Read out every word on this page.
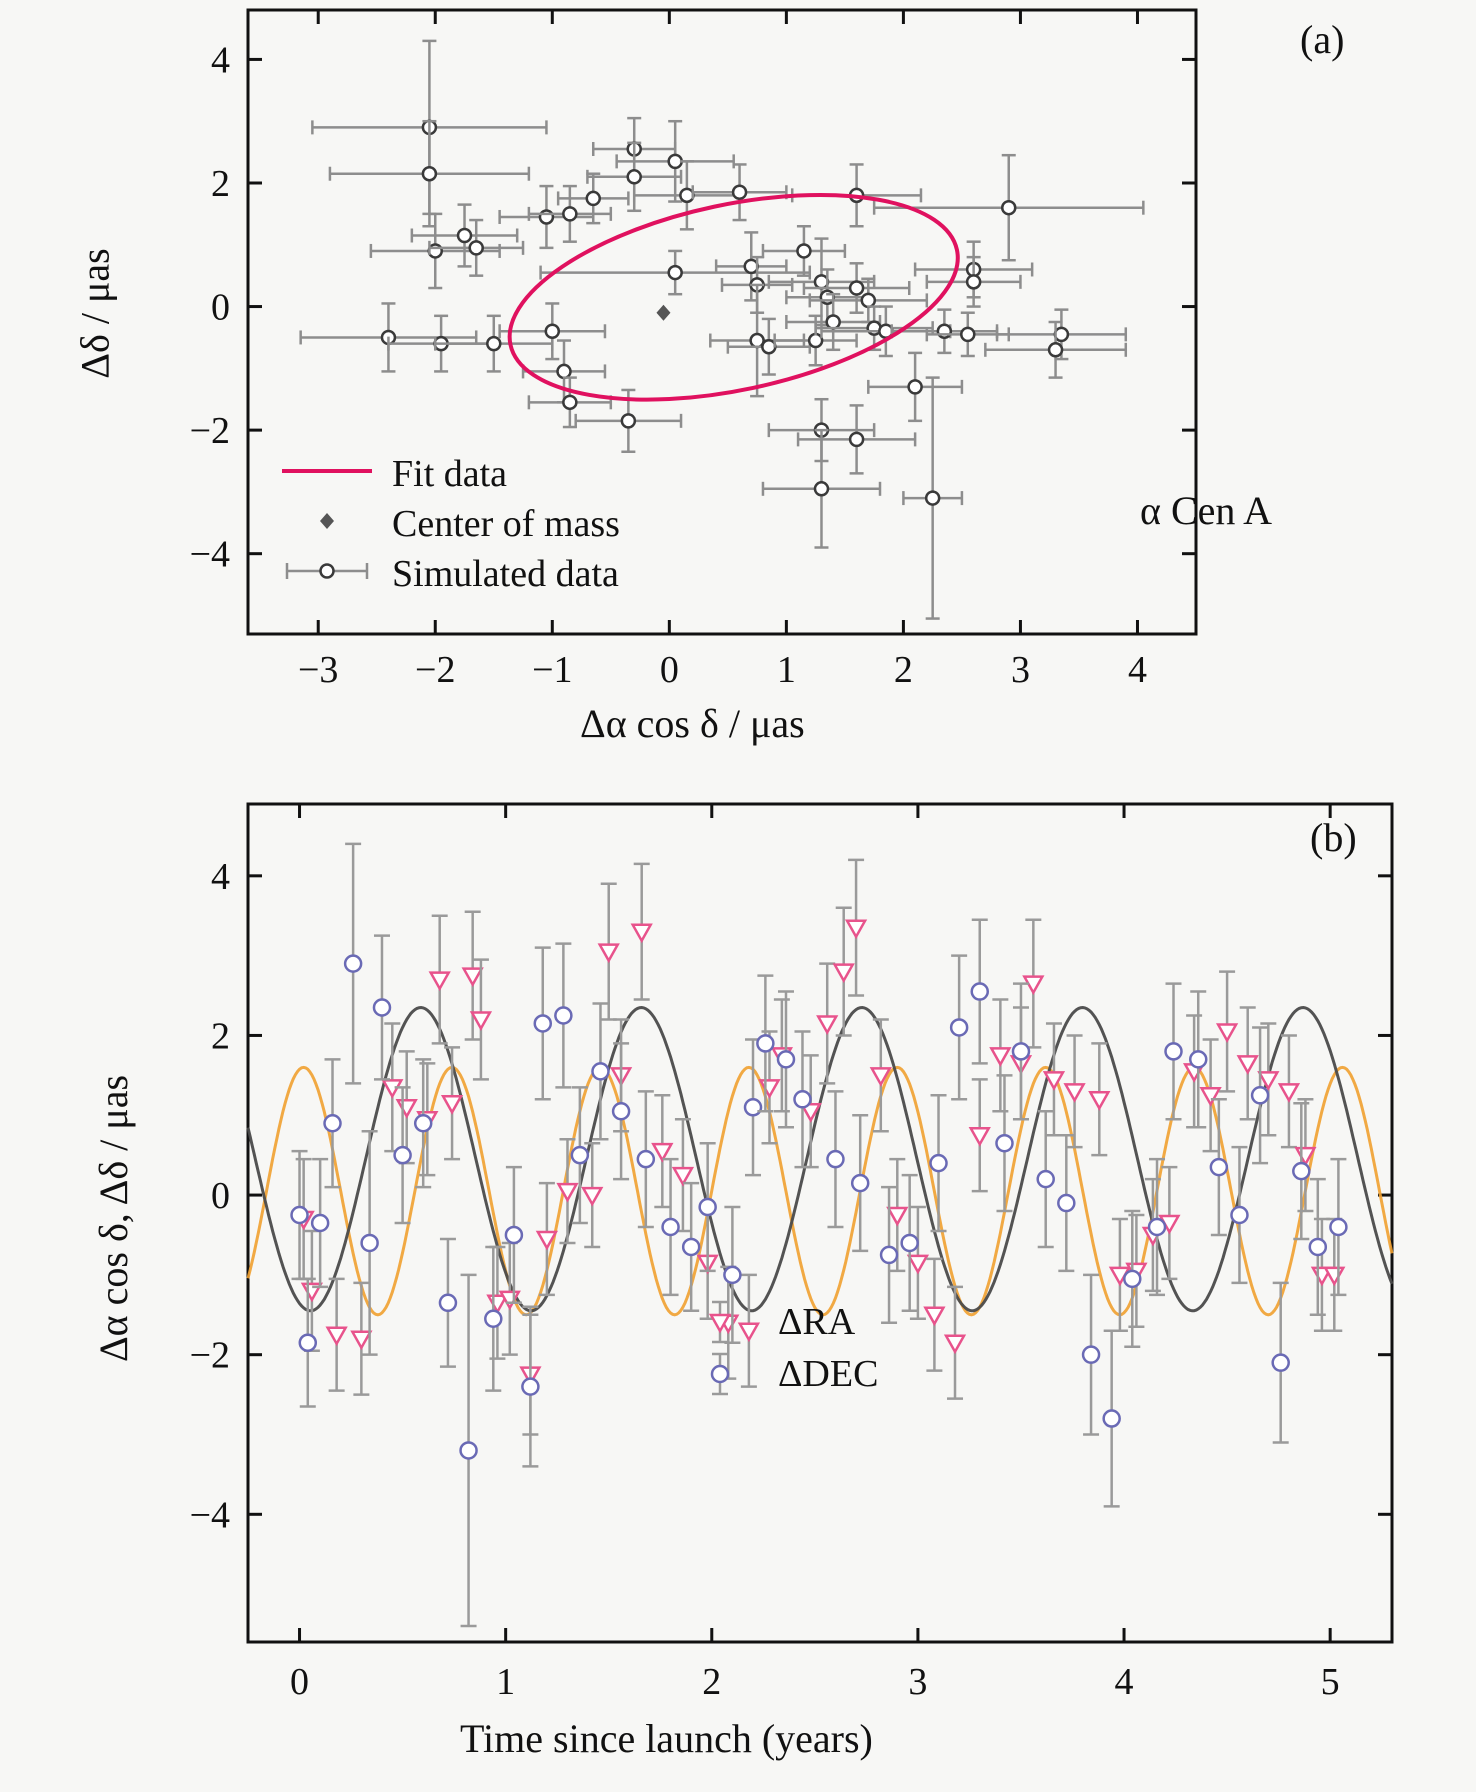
−3 −2 −1 0	1	2	3	4
−4
−2
0
2
4
Δα cos δ / μas
Δδ / μas
(a)
α Cen A
Fit data
Center of mass
Simulated data
0	1	2	3	4	5
−4
−2
0
2
4
Time since launch (years)
Δα cos δ, Δδ / μas
(b)
ΔRA
ΔDEC
